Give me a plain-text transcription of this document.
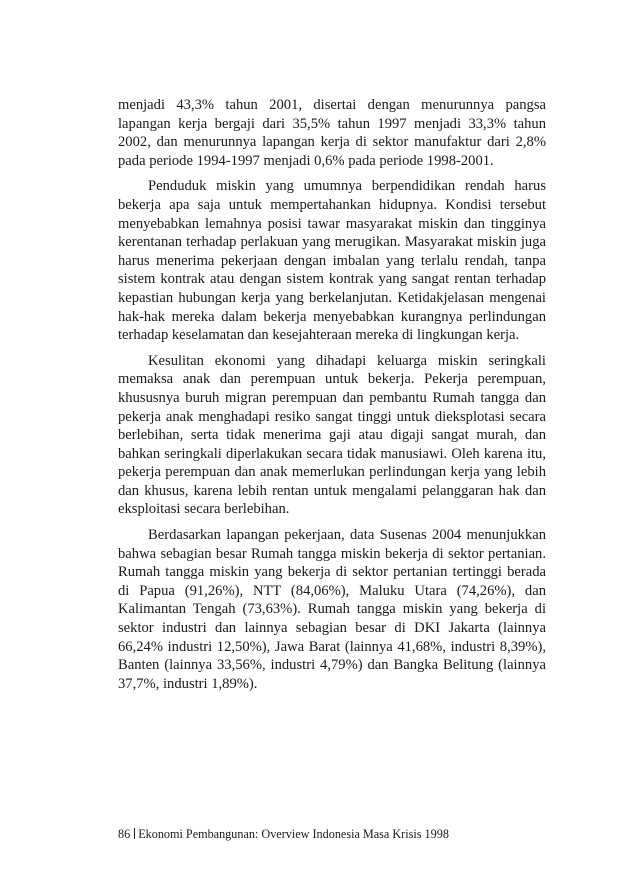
menjadi 43,3% tahun 2001, disertai dengan menurunnya pangsa lapangan kerja bergaji dari 35,5% tahun 1997 menjadi 33,3% tahun 2002, dan menurunnya lapangan kerja di sektor manufaktur dari 2,8% pada periode 1994-1997 menjadi 0,6% pada periode 1998-2001.

Penduduk miskin yang umumnya berpendidikan rendah harus bekerja apa saja untuk mempertahankan hidupnya. Kondisi tersebut menyebabkan lemahnya posisi tawar masyarakat miskin dan tingginya kerentanan terhadap perlakuan yang merugikan. Masyarakat miskin juga harus menerima pekerjaan dengan imbalan yang terlalu rendah, tanpa sistem kontrak atau dengan sistem kontrak yang sangat rentan terhadap kepastian hubungan kerja yang berkelanjutan. Ketidakjelasan mengenai hak-hak mereka dalam bekerja menyebabkan kurangnya perlindungan terhadap keselamatan dan kesejahteraan mereka di lingkungan kerja.

Kesulitan ekonomi yang dihadapi keluarga miskin seringkali memaksa anak dan perempuan untuk bekerja. Pekerja perempuan, khususnya buruh migran perempuan dan pembantu Rumah tangga dan pekerja anak menghadapi resiko sangat tinggi untuk dieksplotasi secara berlebihan, serta tidak menerima gaji atau digaji sangat murah, dan bahkan seringkali diperlakukan secara tidak manusiawi. Oleh karena itu, pekerja perempuan dan anak memerlukan perlindungan kerja yang lebih dan khusus, karena lebih rentan untuk mengalami pelanggaran hak dan eksploitasi secara berlebihan.

Berdasarkan lapangan pekerjaan, data Susenas 2004 menunjukkan bahwa sebagian besar Rumah tangga miskin bekerja di sektor pertanian. Rumah tangga miskin yang bekerja di sektor pertanian tertinggi berada di Papua (91,26%), NTT (84,06%), Maluku Utara (74,26%), dan Kalimantan Tengah (73,63%). Rumah tangga miskin yang bekerja di sektor industri dan lainnya sebagian besar di DKI Jakarta (lainnya 66,24% industri 12,50%), Jawa Barat (lainnya 41,68%, industri 8,39%), Banten (lainnya 33,56%, industri 4,79%) dan Bangka Belitung (lainnya 37,7%, industri 1,89%).

86 Ekonomi Pembangunan: Overview Indonesia Masa Krisis 1998
